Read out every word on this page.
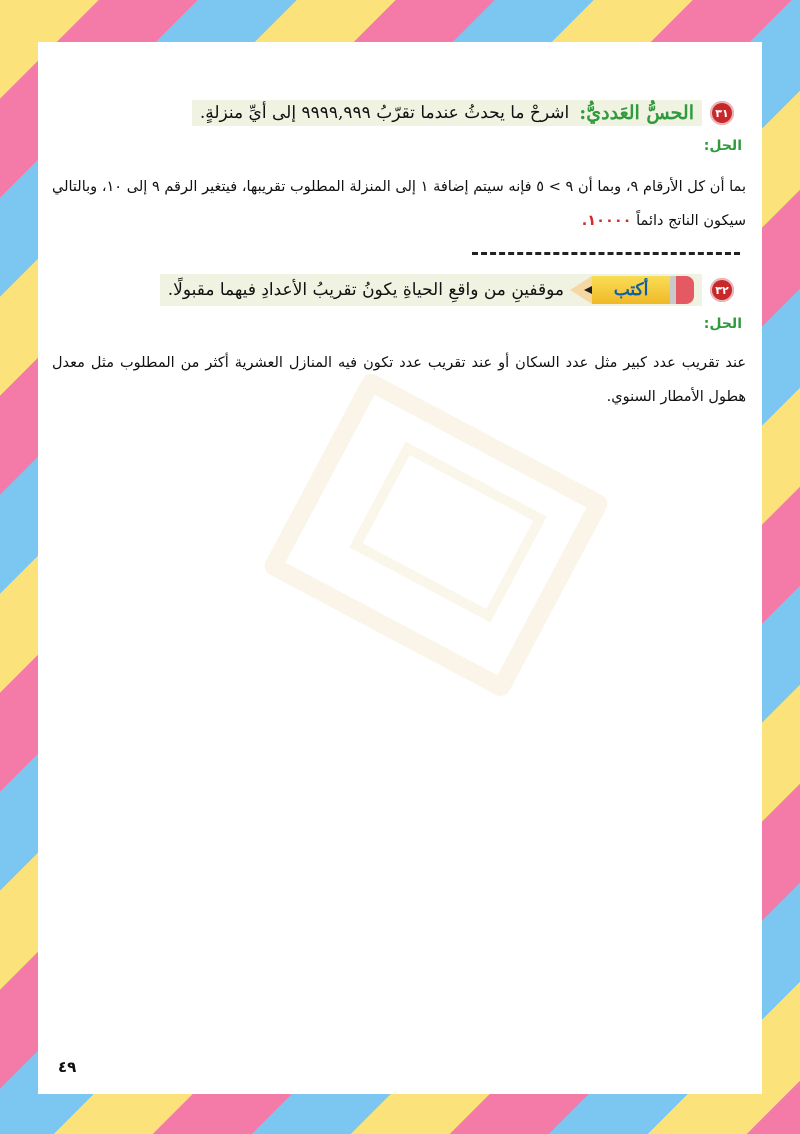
٣١
الحسُّ العَدديُّ:
اشرحْ ما يحدثُ عندما تقرّبُ ٩٩٩٩,٩٩٩ إلى أيِّ منزلةٍ.
الحل:
بما أن كل الأرقام ٩، وبما أن ٩ > ٥ فإنه سيتم إضافة ١ إلى المنزلة المطلوب تقريبها، فيتغير الرقم ٩ إلى ١٠، وبالتالي سيكون الناتج دائماً ١٠٠٠٠.
٣٢
أكتب
موقفينِ من واقعِ الحياةِ يكونُ تقريبُ الأعدادِ فيهما مقبولًا.
الحل:
عند تقريب عدد كبير مثل عدد السكان أو عند تقريب عدد تكون فيه المنازل العشرية أكثر من المطلوب مثل معدل هطول الأمطار السنوي.
٤٩
